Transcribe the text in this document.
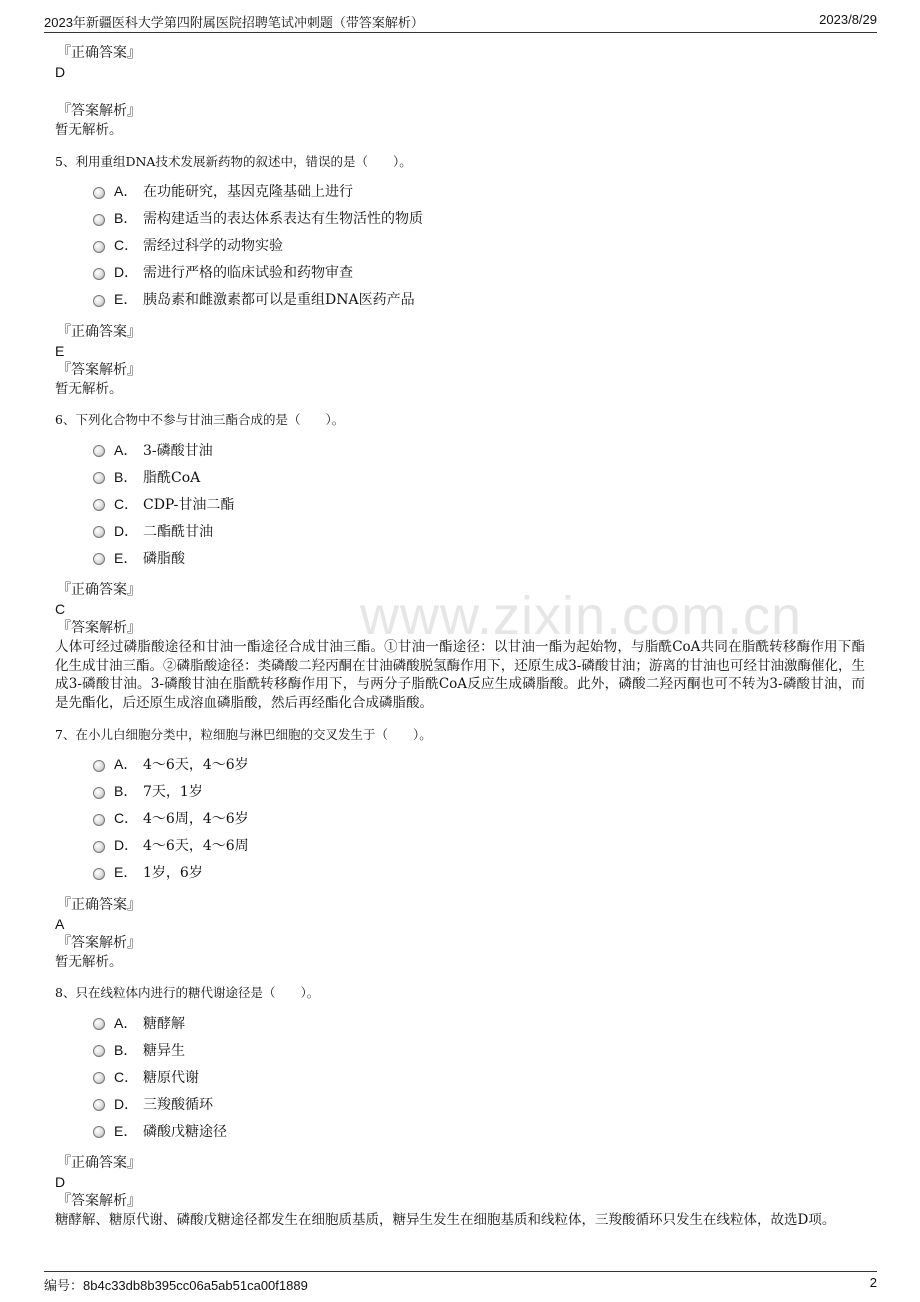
2023年新疆医科大学第四附属医院招聘笔试冲刺题（带答案解析）	2023/8/29
www.zixin.com.cn
『正确答案』
D
『答案解析』
暂无解析。
5、利用重组DNA技术发展新药物的叙述中，错误的是（　　）。
A． 在功能研究，基因克隆基础上进行
B． 需构建适当的表达体系表达有生物活性的物质
C． 需经过科学的动物实验
D． 需进行严格的临床试验和药物审查
E． 胰岛素和雌激素都可以是重组DNA医药产品
『正确答案』
E
『答案解析』
暂无解析。
6、下列化合物中不参与甘油三酯合成的是（　　）。
A． 3-磷酸甘油
B． 脂酰CoA
C． CDP-甘油二酯
D． 二酯酰甘油
E． 磷脂酸
『正确答案』
C
『答案解析』
人体可经过磷脂酸途径和甘油一酯途径合成甘油三酯。①甘油一酯途径：以甘油一酯为起始物，与脂酰CoA共同在脂酰转移酶作用下酯化生成甘油三酯。②磷脂酸途径：类磷酸二羟丙酮在甘油磷酸脱氢酶作用下，还原生成3-磷酸甘油；游离的甘油也可经甘油激酶催化，生成3-磷酸甘油。3-磷酸甘油在脂酰转移酶作用下，与两分子脂酰CoA反应生成磷脂酸。此外，磷酸二羟丙酮也可不转为3-磷酸甘油，而是先酯化，后还原生成溶血磷脂酸，然后再经酯化合成磷脂酸。
7、在小儿白细胞分类中，粒细胞与淋巴细胞的交叉发生于（　　）。
A． 4～6天，4～6岁
B． 7天，1岁
C． 4～6周，4～6岁
D． 4～6天，4～6周
E． 1岁，6岁
『正确答案』
A
『答案解析』
暂无解析。
8、只在线粒体内进行的糖代谢途径是（　　）。
A． 糖酵解
B． 糖异生
C． 糖原代谢
D． 三羧酸循环
E． 磷酸戊糖途径
『正确答案』
D
『答案解析』
糖酵解、糖原代谢、磷酸戊糖途径都发生在细胞质基质，糖异生发生在细胞基质和线粒体，三羧酸循环只发生在线粒体，故选D项。
编号：8b4c33db8b395cc06a5ab51ca00f1889	2
